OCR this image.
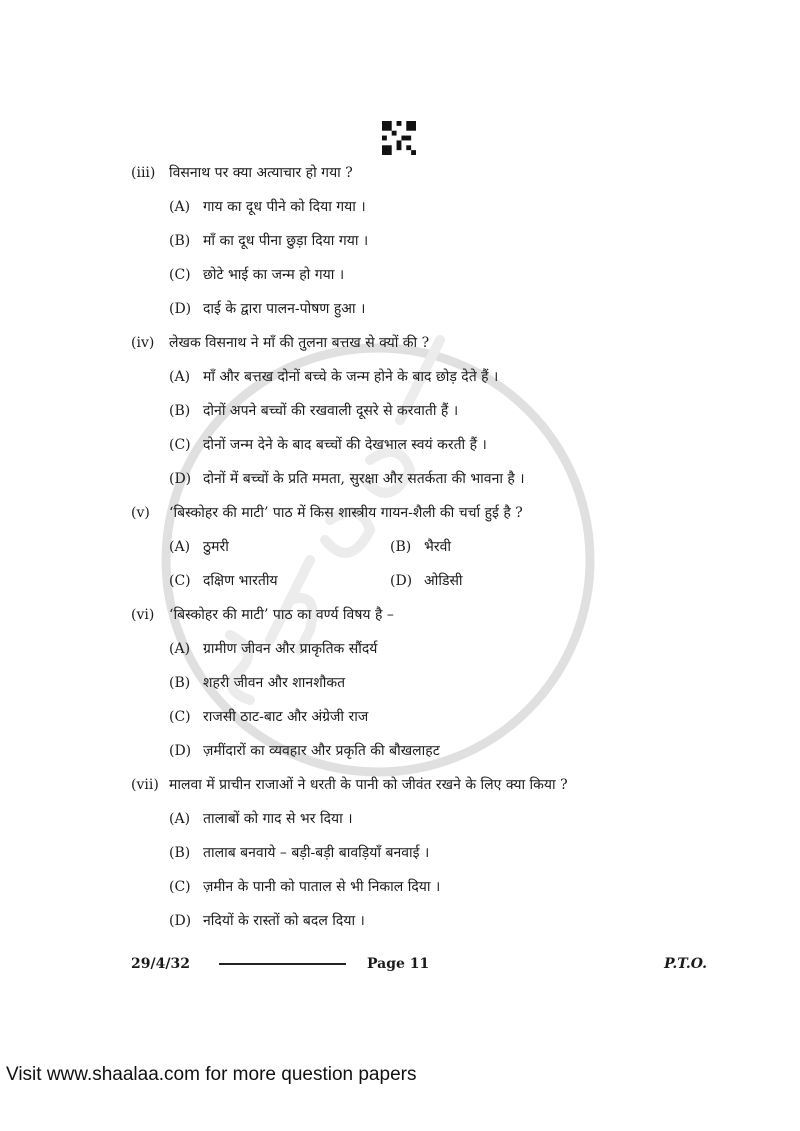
(iii) विसनाथ पर क्या अत्याचार हो गया ?
(A) गाय का दूध पीने को दिया गया ।
(B) माँ का दूध पीना छुड़ा दिया गया ।
(C) छोटे भाई का जन्म हो गया ।
(D) दाई के द्वारा पालन-पोषण हुआ ।
(iv)	लेखक विसनाथ ने माँ की तुलना बत्तख से क्यों की ?
(A) माँ और बत्तख दोनों बच्चे के जन्म होने के बाद छोड़ देते हैं ।
(B) दोनों अपने बच्चों की रखवाली दूसरे से करवाती हैं ।
(C) दोनों जन्म देने के बाद बच्चों की देखभाल स्वयं करती हैं ।
(D) दोनों में बच्चों के प्रति ममता, सुरक्षा और सतर्कता की भावना है ।
(v)	‘बिस्कोहर की माटी’ पाठ में किस शास्त्रीय गायन-शैली की चर्चा हुई है ?
(A) ठुमरी	(B) भैरवी
(C) दक्षिण भारतीय	(D) ओडिसी
(vi)	‘बिस्कोहर की माटी’ पाठ का वर्ण्य विषय है –
(A) ग्रामीण जीवन और प्राकृतिक सौंदर्य
(B) शहरी जीवन और शानशौकत
(C) राजसी ठाट-बाट और अंग्रेजी राज
(D) ज़मींदारों का व्यवहार और प्रकृति की बौखलाहट
(vii) मालवा में प्राचीन राजाओं ने धरती के पानी को जीवंत रखने के लिए क्या किया ?
(A) तालाबों को गाद से भर दिया ।
(B) तालाब बनवाये – बड़ी-बड़ी बावड़ियाँ बनवाई ।
(C) ज़मीन के पानी को पाताल से भी निकाल दिया ।
(D) नदियों के रास्तों को बदल दिया ।
29/4/32	Page 11	P.T.O.
Visit www.shaalaa.com for more question papers
